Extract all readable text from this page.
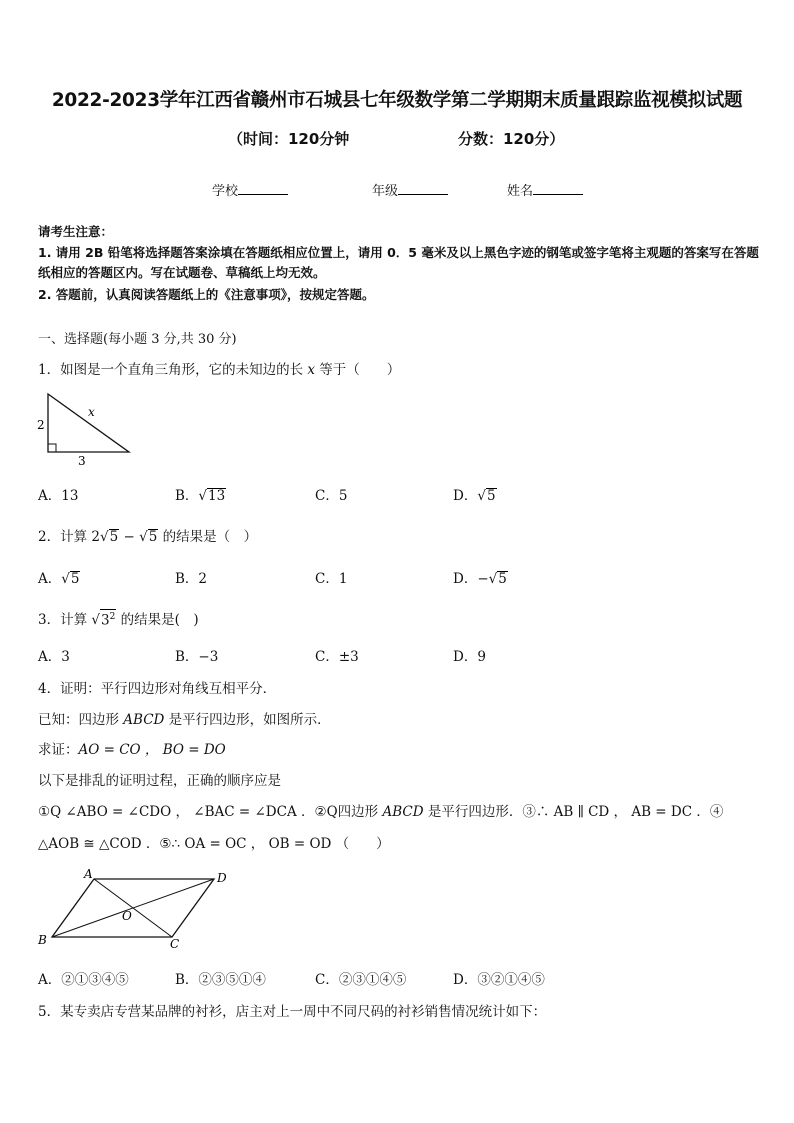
2022-2023学年江西省赣州市石城县七年级数学第二学期期末质量跟踪监视模拟试题
（时间：120分钟	分数：120分）
学校	年级	姓名
请考生注意：
1. 请用 2B 铅笔将选择题答案涂填在答题纸相应位置上，请用 0．5 毫米及以上黑色字迹的钢笔或签字笔将主观题的答案写在答题纸相应的答题区内。写在试题卷、草稿纸上均无效。
2. 答题前，认真阅读答题纸上的《注意事项》，按规定答题。
一、选择题(每小题 3 分,共 30 分)
1．如图是一个直角三角形，它的未知边的长 x 等于（　　）
2
3
x
A．13	B．√13	C．5	D．√5
2．计算 2√5 − √5 的结果是（　）
A．√5	B．2	C．1	D．−√5
3．计算 $√3^2$ 的结果是(　)
A．3	B．−3	C．±3	D．9
4．证明：平行四边形对角线互相平分．
已知：四边形 ABCD 是平行四边形，如图所示．
求证：AO = CO ， BO = DO
以下是排乱的证明过程，正确的顺序应是
①Q ∠ABO = ∠CDO ， ∠BAC = ∠DCA ．②Q四边形 ABCD 是平行四边形．③∴ AB ∥ CD ， AB = DC ．④
△AOB ≅ △COD ．⑤∴ OA = OC ， OB = OD （　　）
A	D
B	C
O
A．②①③④⑤	B．②③⑤①④	C．②③①④⑤	D．③②①④⑤
5．某专卖店专营某品牌的衬衫，店主对上一周中不同尺码的衬衫销售情况统计如下：
